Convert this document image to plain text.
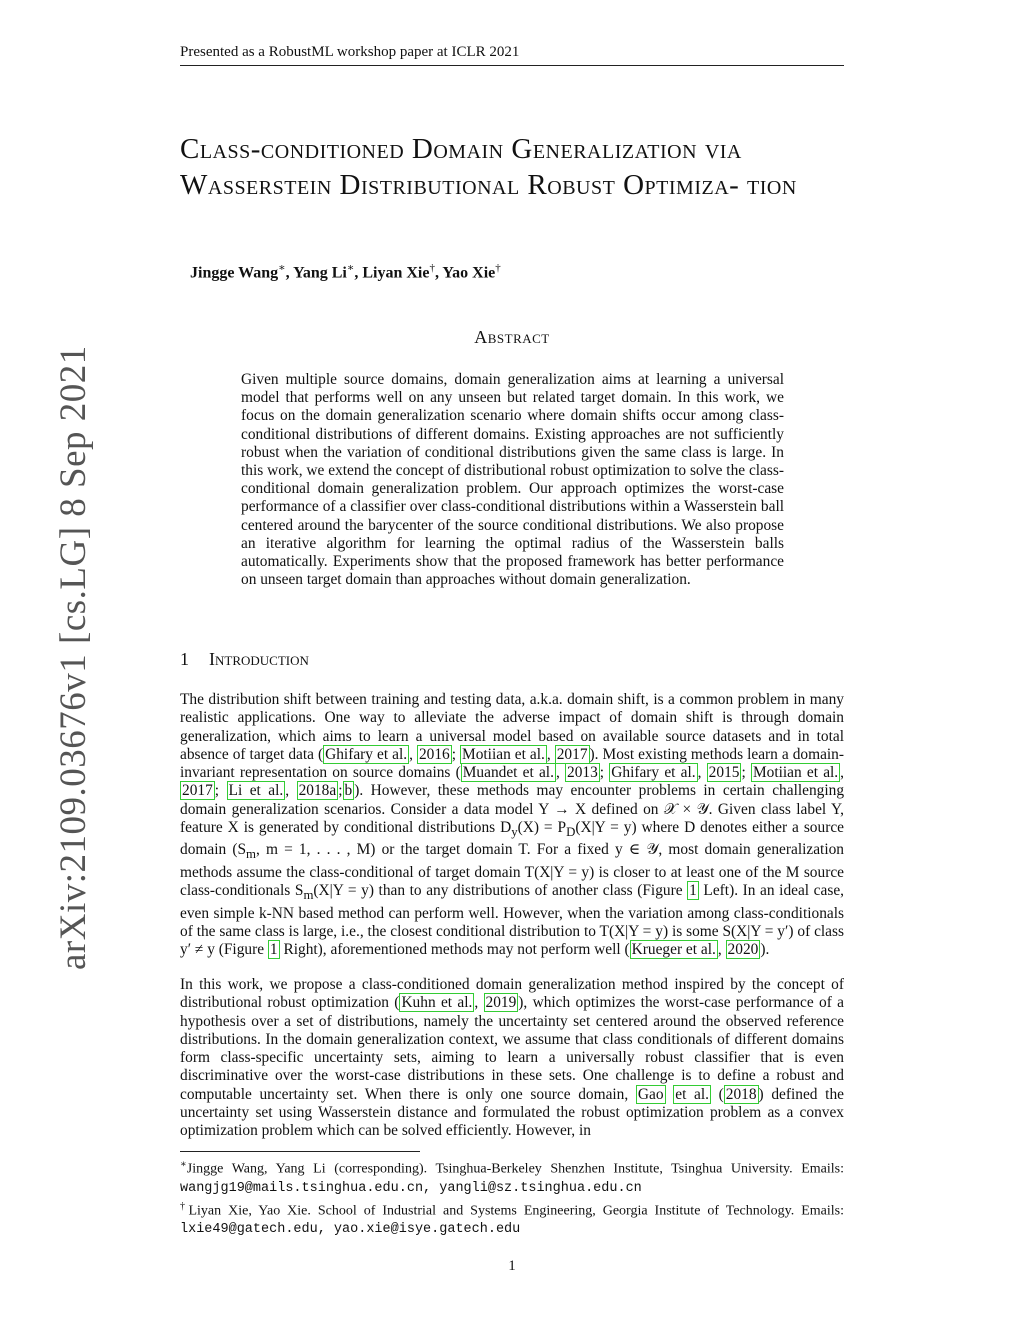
Presented as a RobustML workshop paper at ICLR 2021
arXiv:2109.03676v1 [cs.LG] 8 Sep 2021
Class-conditioned Domain Generalization via Wasserstein Distributional Robust Optimiza- tion
Jingge Wang∗, Yang Li∗, Liyan Xie†, Yao Xie†
Abstract
Given multiple source domains, domain generalization aims at learning a universal model that performs well on any unseen but related target domain. In this work, we focus on the domain generalization scenario where domain shifts occur among class-conditional distributions of different domains. Existing approaches are not sufficiently robust when the variation of conditional distributions given the same class is large. In this work, we extend the concept of distributional robust optimization to solve the class-conditional domain generalization problem. Our approach optimizes the worst-case performance of a classifier over class-conditional distributions within a Wasserstein ball centered around the barycenter of the source conditional distributions. We also propose an iterative algorithm for learning the optimal radius of the Wasserstein balls automatically. Experiments show that the proposed framework has better performance on unseen target domain than approaches without domain generalization.
1 Introduction
The distribution shift between training and testing data, a.k.a. domain shift, is a common problem in many realistic applications. One way to alleviate the adverse impact of domain shift is through domain generalization, which aims to learn a universal model based on available source datasets and in total absence of target data ( Ghifary et al. , 2016 ; Motiian et al. , 2017 ). Most existing methods learn a domain-invariant representation on source domains ( Muandet et al. , 2013 ; Ghifary et al. , 2015 ; Motiian et al. , 2017 ; Li et al. , 2018a ; b ). However, these methods may encounter problems in certain challenging domain generalization scenarios. Consider a data model Y → X defined on 𝒳 × 𝒴. Given class label Y, feature X is generated by conditional distributions $D_y(X) = P_D(X|Y = y)$ where D denotes either a source domain ($S_m$, m = 1, . . . , M) or the target domain T. For a fixed y ∈ 𝒴, most domain generalization methods assume the class-conditional of target domain T(X|Y = y) is closer to at least one of the M source class-conditionals $S_m(X|Y = y)$ than to any distributions of another class (Figure 1 Left). In an ideal case, even simple k-NN based method can perform well. However, when the variation among class-conditionals of the same class is large, i.e., the closest conditional distribution to T(X|Y = y) is some S(X|Y = y′) of class y′ ≠ y (Figure 1 Right), aforementioned methods may not perform well ( Krueger et al. , 2020 ).
In this work, we propose a class-conditioned domain generalization method inspired by the concept of distributional robust optimization ( Kuhn et al. , 2019 ), which optimizes the worst-case performance of a hypothesis over a set of distributions, namely the uncertainty set centered around the observed reference distributions. In the domain generalization context, we assume that class conditionals of different domains form class-specific uncertainty sets, aiming to learn a universally robust classifier that is even discriminative over the worst-case distributions in these sets. One challenge is to define a robust and computable uncertainty set. When there is only one source domain, Gao et al. ( 2018 ) defined the uncertainty set using Wasserstein distance and formulated the robust optimization problem as a convex optimization problem which can be solved efficiently. However, in
∗Jingge Wang, Yang Li (corresponding). Tsinghua-Berkeley Shenzhen Institute, Tsinghua University. Emails: wangjg19@mails.tsinghua.edu.cn, yangli@sz.tsinghua.edu.cn
†Liyan Xie, Yao Xie. School of Industrial and Systems Engineering, Georgia Institute of Technology. Emails: lxie49@gatech.edu, yao.xie@isye.gatech.edu
1
